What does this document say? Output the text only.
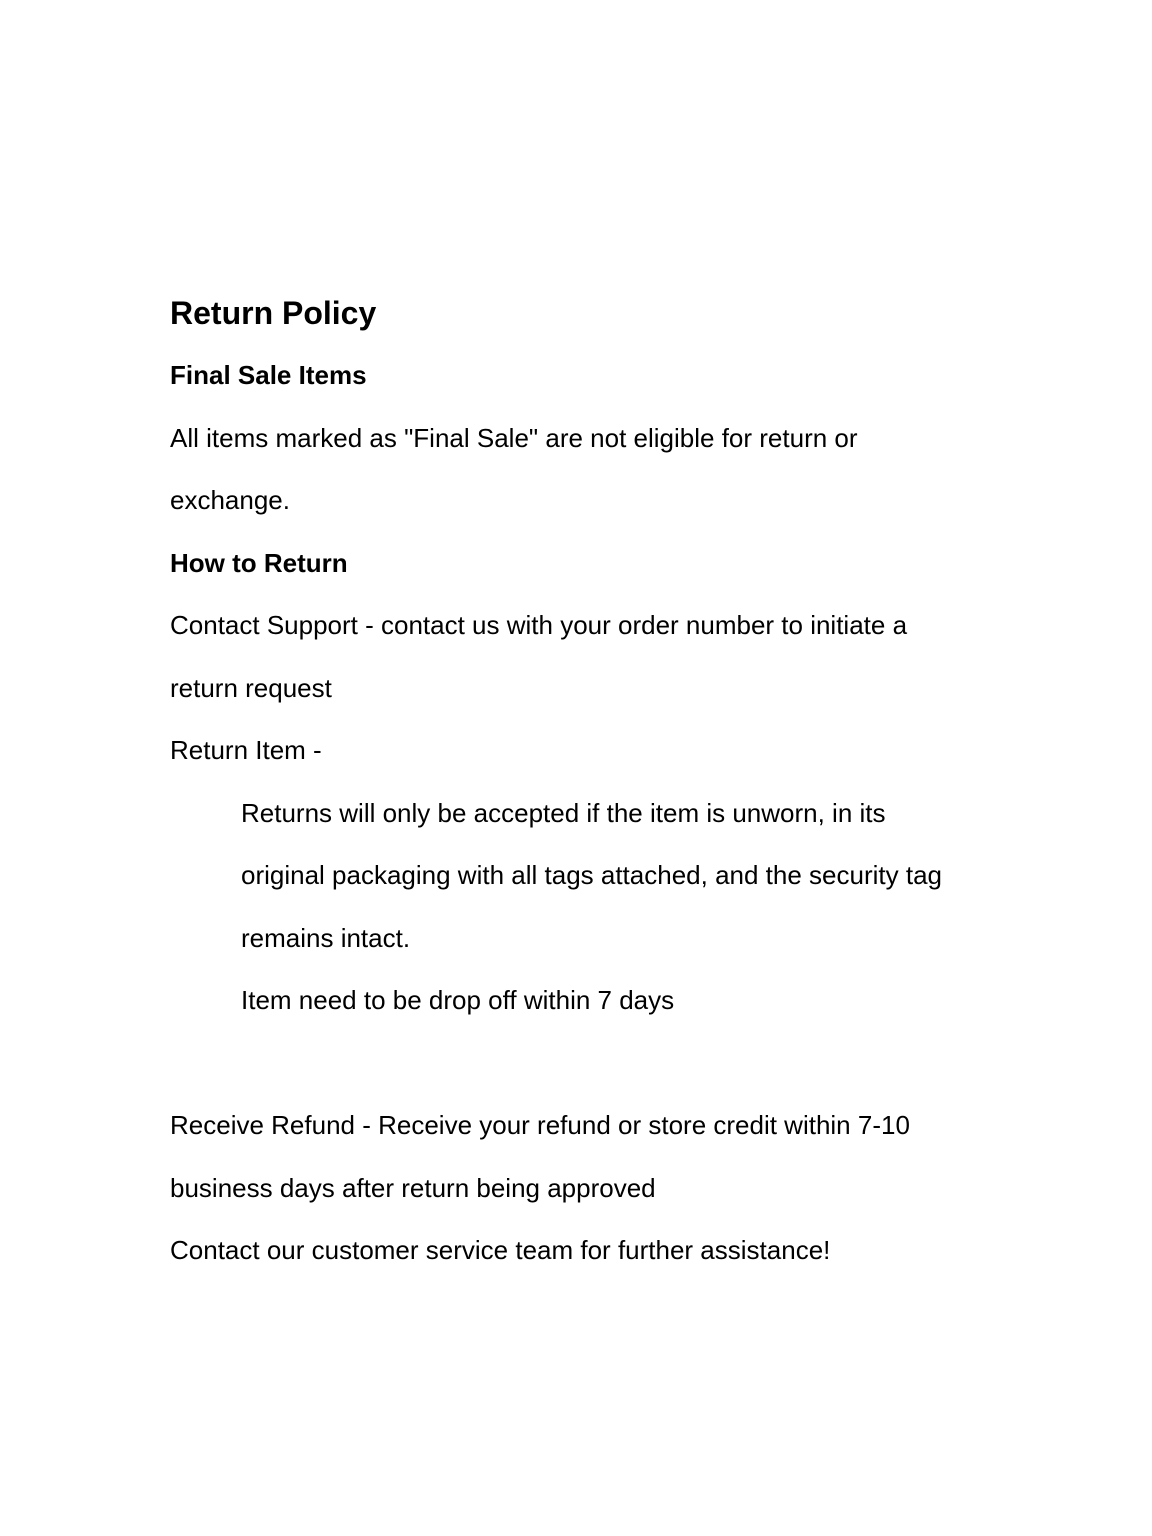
Return Policy
Final Sale Items

All items marked as "Final Sale" are not eligible for return or
exchange.

How to Return

Contact Support - contact us with your order number to initiate a
return request

Return Item -

Returns will only be accepted if the item is unworn, in its
original packaging with all tags attached, and the security tag
remains intact.
Item need to be drop off within 7 days

Receive Refund - Receive your refund or store credit within 7-10
business days after return being approved

Contact our customer service team for further assistance!
